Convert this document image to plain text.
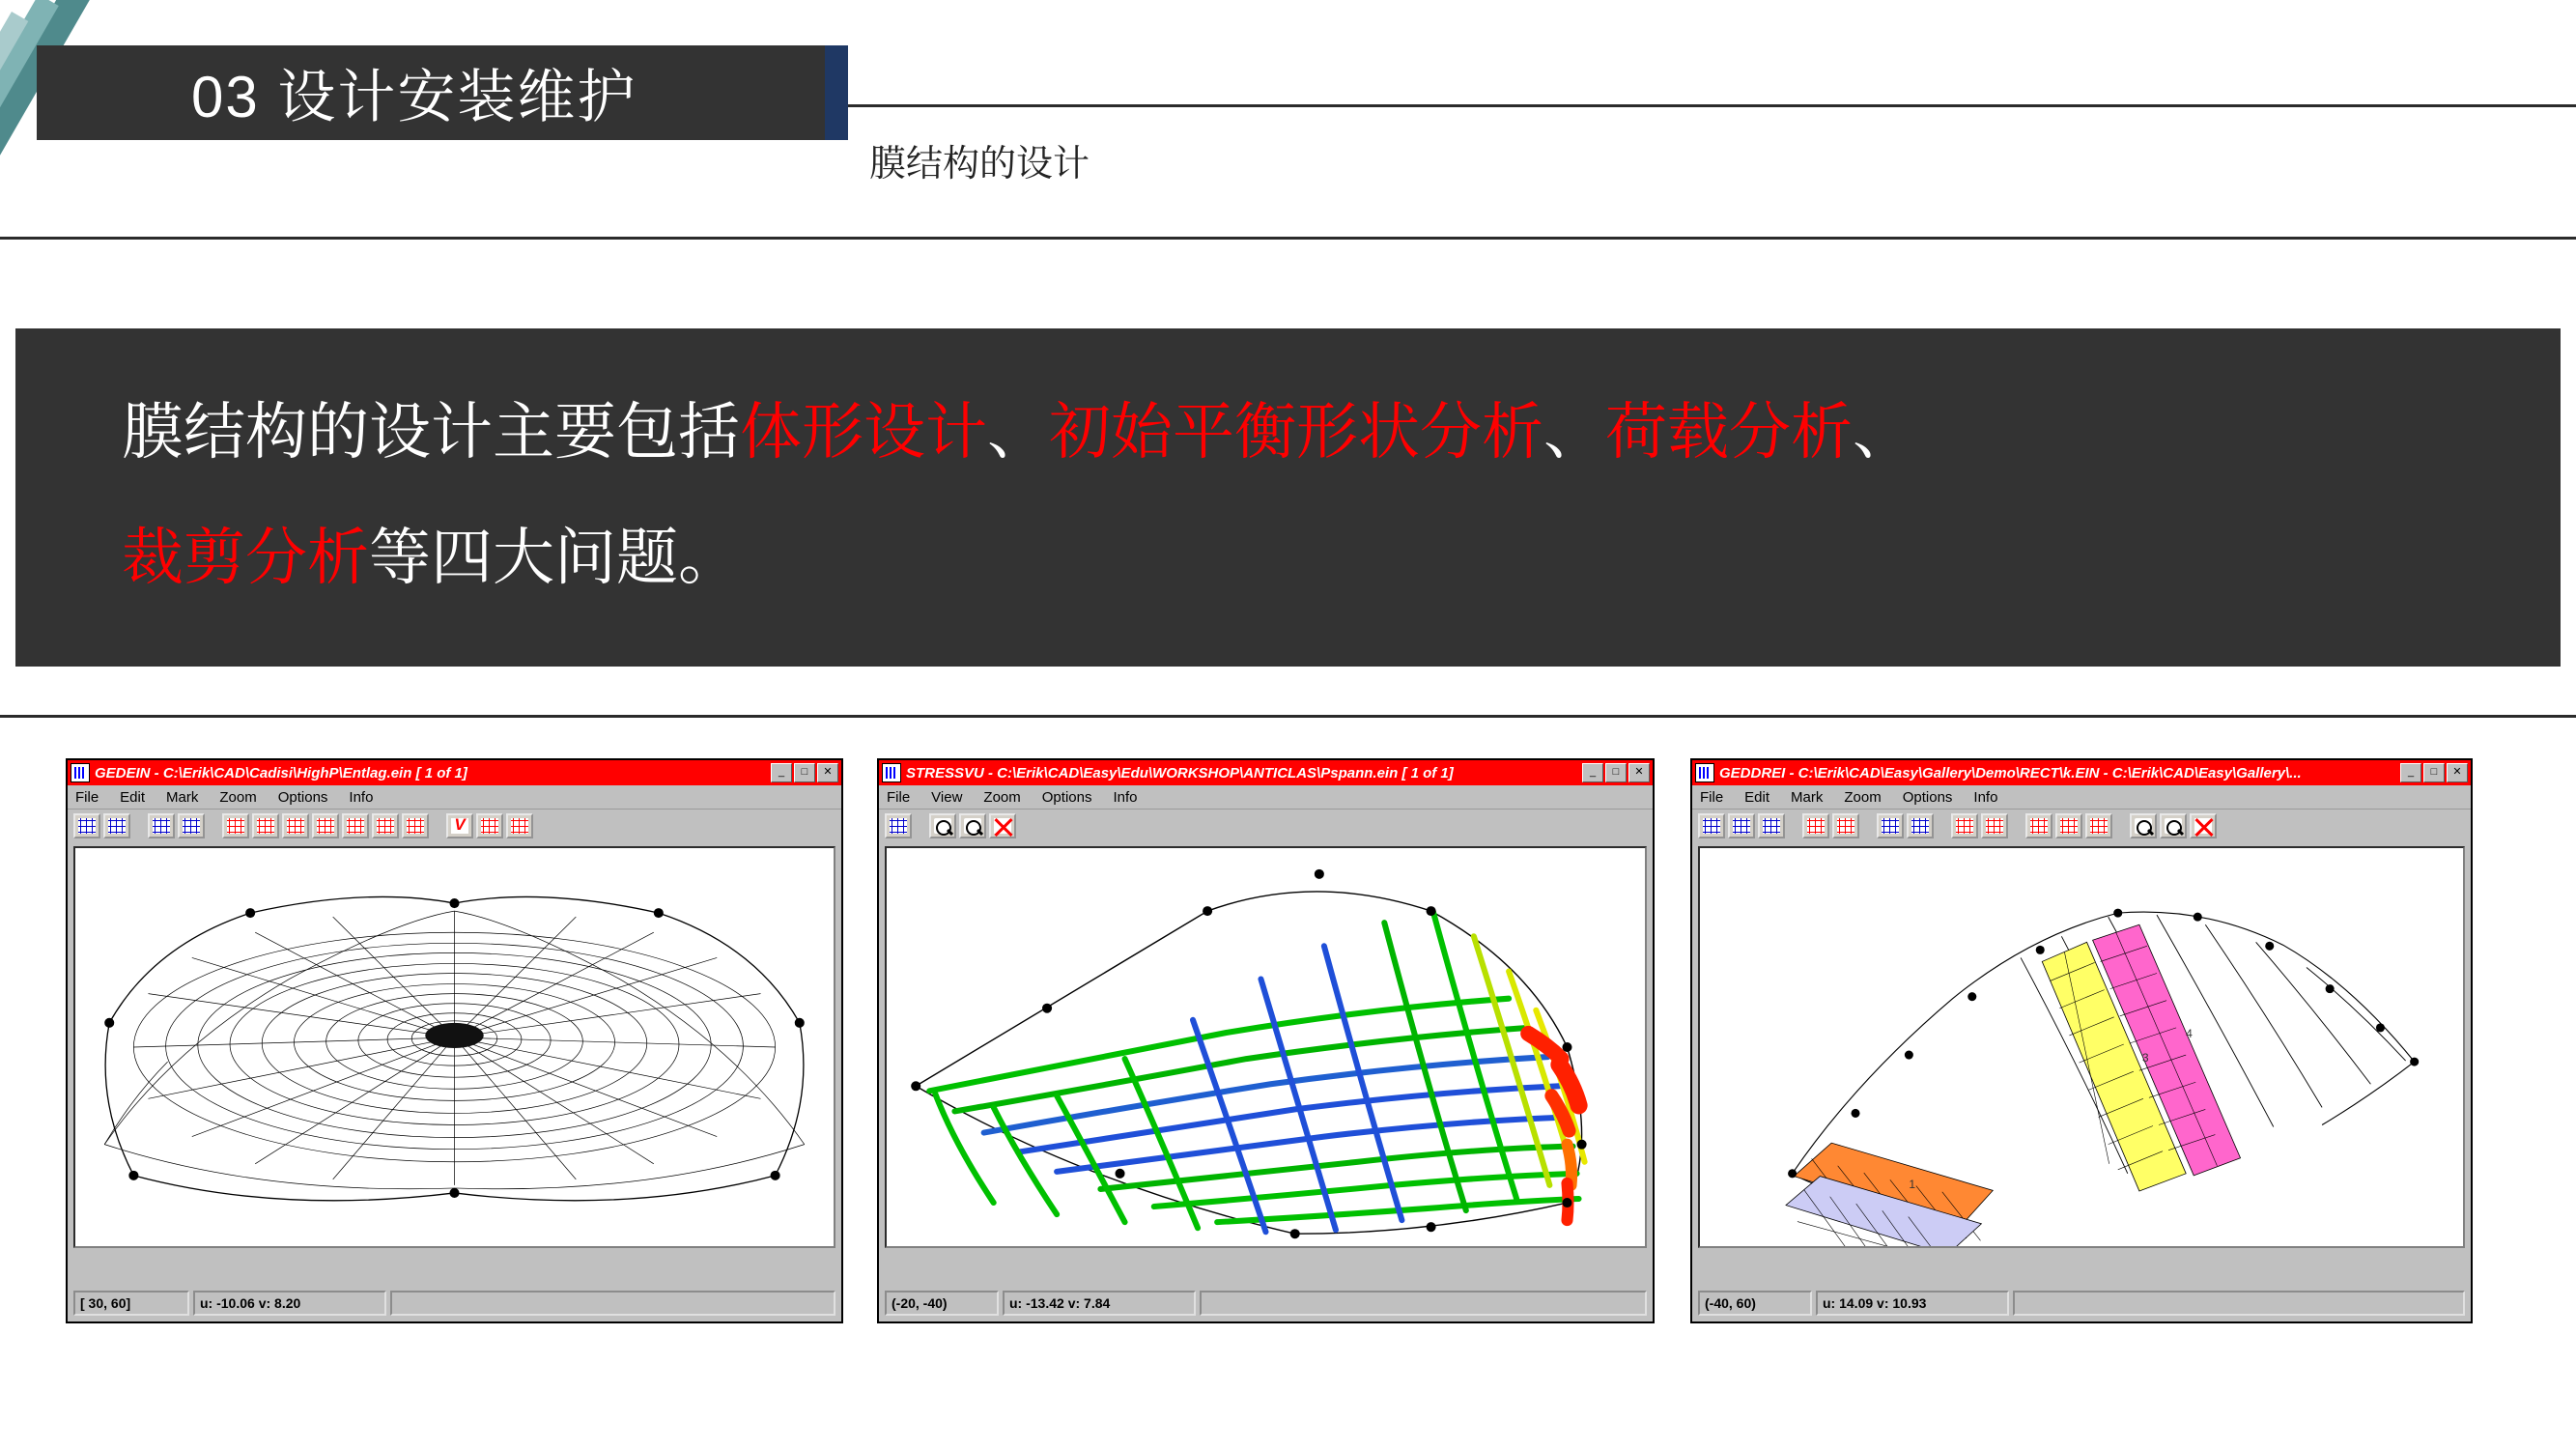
03 设计安装维护
膜结构的设计

膜结构的设计主要包括体形设计、初始平衡形状分析、荷载分析、

裁剪分析等四大问题。

GEDEIN - C:\Erik\CAD\Cadisi\HighP\Entlag.ein [ 1 of 1]	_	□	✕
File Edit Mark Zoom Options Info
V
[ 30, 60]	u: -10.06 v: 8.20
STRESSVU - C:\Erik\CAD\Easy\Edu\WORKSHOP\ANTICLAS\Pspann.ein [ 1 of 1]	_	□	✕
File View Zoom Options Info
(-20, -40)	u: -13.42 v: 7.84
GEDDREI - C:\Erik\CAD\Easy\Gallery\Demo\RECT\k.EIN - C:\Erik\CAD\Easy\Gallery\...	_	□	✕
File Edit Mark Zoom Options Info
3
4
1
(-40, 60)	u: 14.09 v: 10.93
